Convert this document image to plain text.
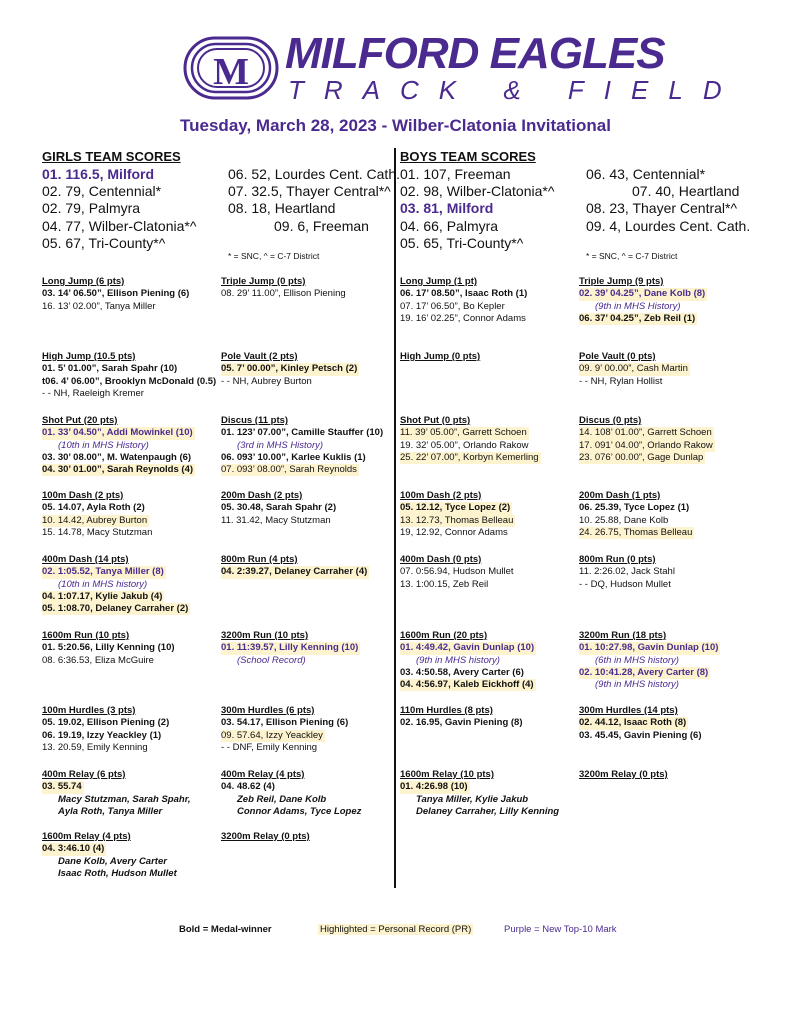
M MILFORD EAGLES
TRACK & FIELD
Tuesday, March 28, 2023 - Wilber-Clatonia Invitational
GIRLS TEAM SCORES	BOYS TEAM SCORES
01. 116.5, Milford
02. 79, Centennial*
02. 79, Palmyra
04. 77, Wilber-Clatonia*^
05. 67, Tri-County*^
06. 52, Lourdes Cent. Cath.
07. 32.5, Thayer Central*^
08. 18, Heartland
09. 6, Freeman
01. 107, Freeman
02. 98, Wilber-Clatonia*^
03. 81, Milford
04. 66, Palmyra
05. 65, Tri-County*^
06. 43, Centennial*
07. 40, Heartland
08. 23, Thayer Central*^
09. 4, Lourdes Cent. Cath.
* = SNC, ^ = C-7 District	* = SNC, ^ = C-7 District
Long Jump (6 pts)
03. 14’ 06.50”, Ellison Piening (6)
16. 13’ 02.00”, Tanya Miller
Triple Jump (0 pts)
08. 29’ 11.00”, Ellison Piening
Long Jump (1 pt)
06. 17’ 08.50”, Isaac Roth (1)
07. 17’ 06.50”, Bo Kepler
19. 16’ 02.25”, Connor Adams
Triple Jump (9 pts)
02. 39’ 04.25”, Dane Kolb (8)
(9th in MHS History)
06. 37’ 04.25”, Zeb Reil (1)
High Jump (10.5 pts)
01. 5’ 01.00”, Sarah Spahr (10)
t06. 4’ 06.00”, Brooklyn McDonald (0.5)
- - NH, Raeleigh Kremer
Pole Vault (2 pts)
05. 7’ 00.00”, Kinley Petsch (2)
- - NH, Aubrey Burton
High Jump (0 pts)	Pole Vault (0 pts)
09. 9’ 00.00”, Cash Martin
- - NH, Rylan Hollist
Shot Put (20 pts)
01. 33’ 04.50”, Addi Mowinkel (10)
(10th in MHS History)
03. 30’ 08.00”, M. Watenpaugh (6)
04. 30’ 01.00”, Sarah Reynolds (4)
Discus (11 pts)
01. 123’ 07.00”, Camille Stauffer (10)
(3rd in MHS History)
06. 093’ 10.00”, Karlee Kuklis (1)
07. 093’ 08.00”, Sarah Reynolds
Shot Put (0 pts)
11. 39’ 05.00”, Garrett Schoen
19. 32’ 05.00”, Orlando Rakow
25. 22’ 07.00”, Korbyn Kemerling
Discus (0 pts)
14. 108’ 01.00”, Garrett Schoen
17. 091’ 04.00”, Orlando Rakow
23. 076’ 00.00”, Gage Dunlap
100m Dash (2 pts)
05. 14.07, Ayla Roth (2)
10. 14.42, Aubrey Burton
15. 14.78, Macy Stutzman
200m Dash (2 pts)
05. 30.48, Sarah Spahr (2)
11. 31.42, Macy Stutzman
100m Dash (2 pts)
05. 12.12, Tyce Lopez (2)
13. 12.73, Thomas Belleau
19, 12.92, Connor Adams
200m Dash (1 pts)
06. 25.39, Tyce Lopez (1)
10. 25.88, Dane Kolb
24. 26.75, Thomas Belleau
400m Dash (14 pts)
02. 1:05.52, Tanya Miller (8)
(10th in MHS history)
04. 1:07.17, Kylie Jakub (4)
05. 1:08.70, Delaney Carraher (2)
800m Run (4 pts)
04. 2:39.27, Delaney Carraher (4)
400m Dash (0 pts)
07. 0:56.94, Hudson Mullet
13. 1:00.15, Zeb Reil
800m Run (0 pts)
11. 2:26.02, Jack Stahl
- - DQ, Hudson Mullet
1600m Run (10 pts)
01. 5:20.56, Lilly Kenning (10)
08. 6:36.53, Eliza McGuire
3200m Run (10 pts)
01. 11:39.57, Lilly Kenning (10)
(School Record)
1600m Run (20 pts)
01. 4:49.42, Gavin Dunlap (10)
(9th in MHS history)
03. 4:50.58, Avery Carter (6)
04. 4:56.97, Kaleb Eickhoff (4)
3200m Run (18 pts)
01. 10:27.98, Gavin Dunlap (10)
(6th in MHS history)
02. 10:41.28, Avery Carter (8)
(9th in MHS history)
100m Hurdles (3 pts)
05. 19.02, Ellison Piening (2)
06. 19.19, Izzy Yeackley (1)
13. 20.59, Emily Kenning
300m Hurdles (6 pts)
03. 54.17, Ellison Piening (6)
09. 57.64, Izzy Yeackley
- - DNF, Emily Kenning
110m Hurdles (8 pts)
02. 16.95, Gavin Piening (8)
300m Hurdles (14 pts)
02. 44.12, Isaac Roth (8)
03. 45.45, Gavin Piening (6)
400m Relay (6 pts)
03. 55.74
Macy Stutzman, Sarah Spahr,
Ayla Roth, Tanya Miller
400m Relay (4 pts)
04. 48.62 (4)
Zeb Reil, Dane Kolb
Connor Adams, Tyce Lopez
1600m Relay (10 pts)
01. 4:26.98 (10)
Tanya Miller, Kylie Jakub
Delaney Carraher, Lilly Kenning
3200m Relay (0 pts)
1600m Relay (4 pts)
04. 3:46.10 (4)
Dane Kolb, Avery Carter
Isaac Roth, Hudson Mullet
3200m Relay (0 pts)
Bold = Medal-winner	Highlighted = Personal Record (PR)	Purple = New Top-10 Mark
